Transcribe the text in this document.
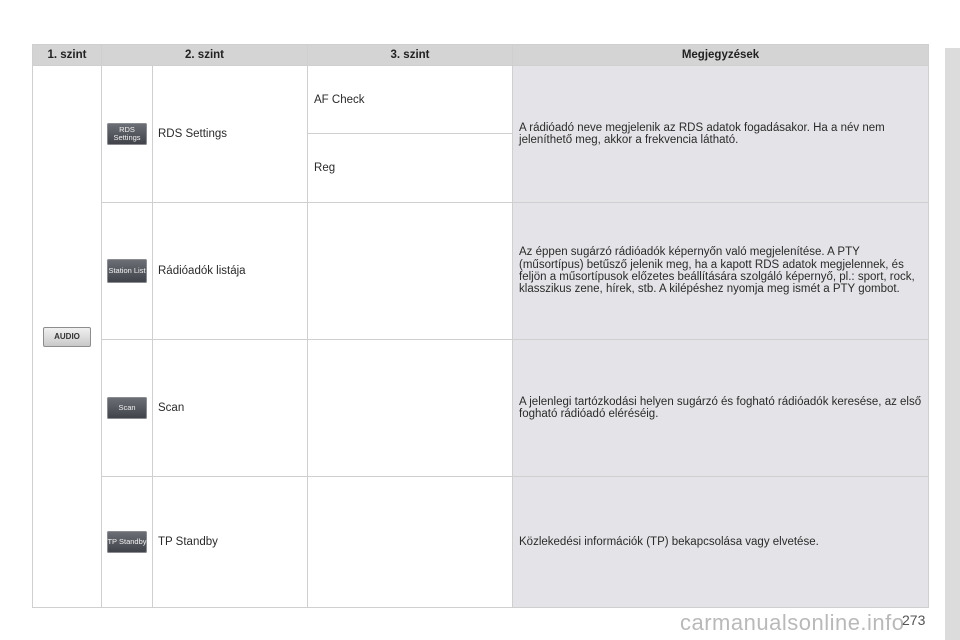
1. szint	2. szint		3. szint	Megjegyzések
AUDIO	RDS Settings	RDS Settings	AF Check	A rádióadó neve megjelenik az RDS adatok fogadásakor. Ha a név nem jeleníthető meg, akkor a frekvencia látható.
			Reg	
	Station List	Rádióadók listája		Az éppen sugárzó rádióadók képernyőn való megjelenítése. A PTY (műsortípus) betűsző jelenik meg, ha a kapott RDS adatok megjelennek, és feljön a műsortípusok előzetes beállítására szolgáló képernyő, pl.: sport, rock, klasszikus zene, hírek, stb. A kilépéshez nyomja meg ismét a PTY gombot.
	Scan	Scan		A jelenlegi tartózkodási helyen sugárzó és fogható rádióadók keresése, az első fogható rádióadó eléréséig.
	TP Standby	TP Standby		Közlekedési információk (TP) bekapcsolása vagy elvetése.
carmanualsonline.info
273
